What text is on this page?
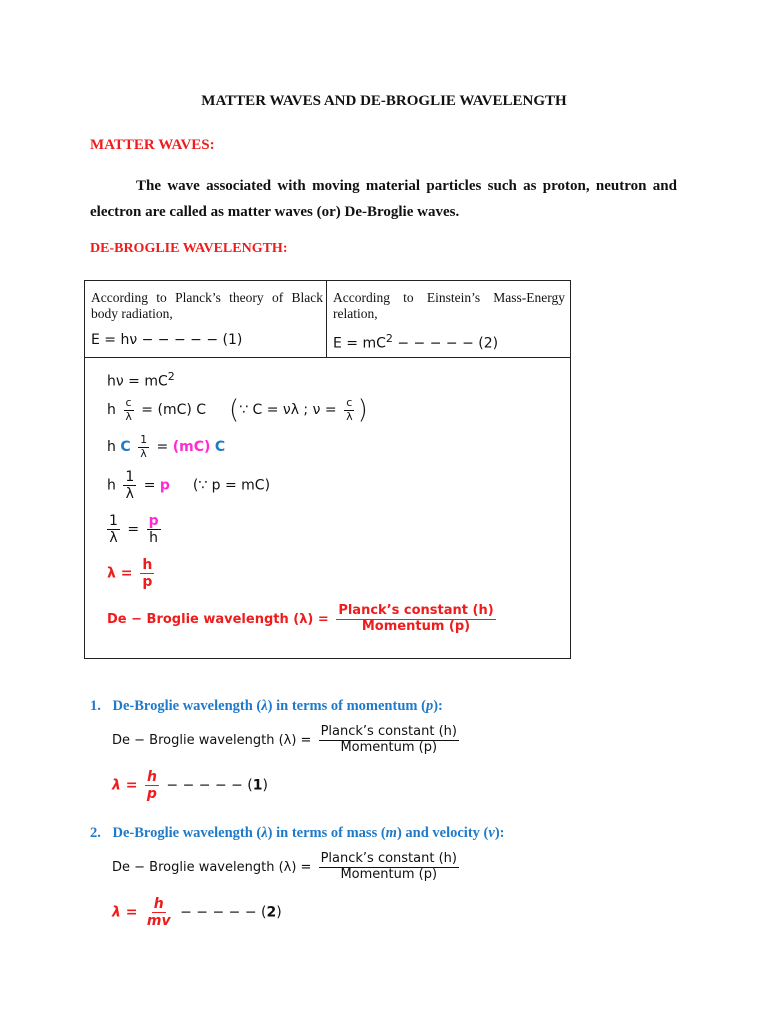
MATTER WAVES AND DE-BROGLIE WAVELENGTH
MATTER WAVES:
The wave associated with moving material particles such as proton, neutron and
electron are called as matter waves (or) De-Broglie waves.
DE-BROGLIE WAVELENGTH:
According to Planck’s theory of Black body radiation,
E = hν − − − − − (1)
According to Einstein’s Mass-Energy relation,
$E = mC^2$ − − − − − (2)
$h\nu = mC^2$
h $\frac{c}{\lambda} = (mC)$ C (∵ C = νλ ; $\nu = \frac{c}{\lambda}$ )
h C $\frac{1}{\lambda} = (mC)$ C
h $\frac{1}{\lambda} = p$ (∵ p = mC)
$\frac{1}{\lambda} = \frac{p}{h}$
$\lambda = \frac{h}{p}$
De − Broglie wavelength $(\lambda) = \frac{\text{Planck’s constant (h)}}{\text{Momentum (p)}}$
1. De-Broglie wavelength (λ) in terms of momentum (p):
De − Broglie wavelength $(\lambda) = \frac{\text{Planck’s constant (h)}}{\text{Momentum (p)}}$
$\lambda = \frac{h}{p}$ − − − − − (1)
2. De-Broglie wavelength (λ) in terms of mass (m) and velocity (v):
De − Broglie wavelength $(\lambda) = \frac{\text{Planck’s constant (h)}}{\text{Momentum (p)}}$
$\lambda = \frac{h}{mv}$ − − − − − (2)
